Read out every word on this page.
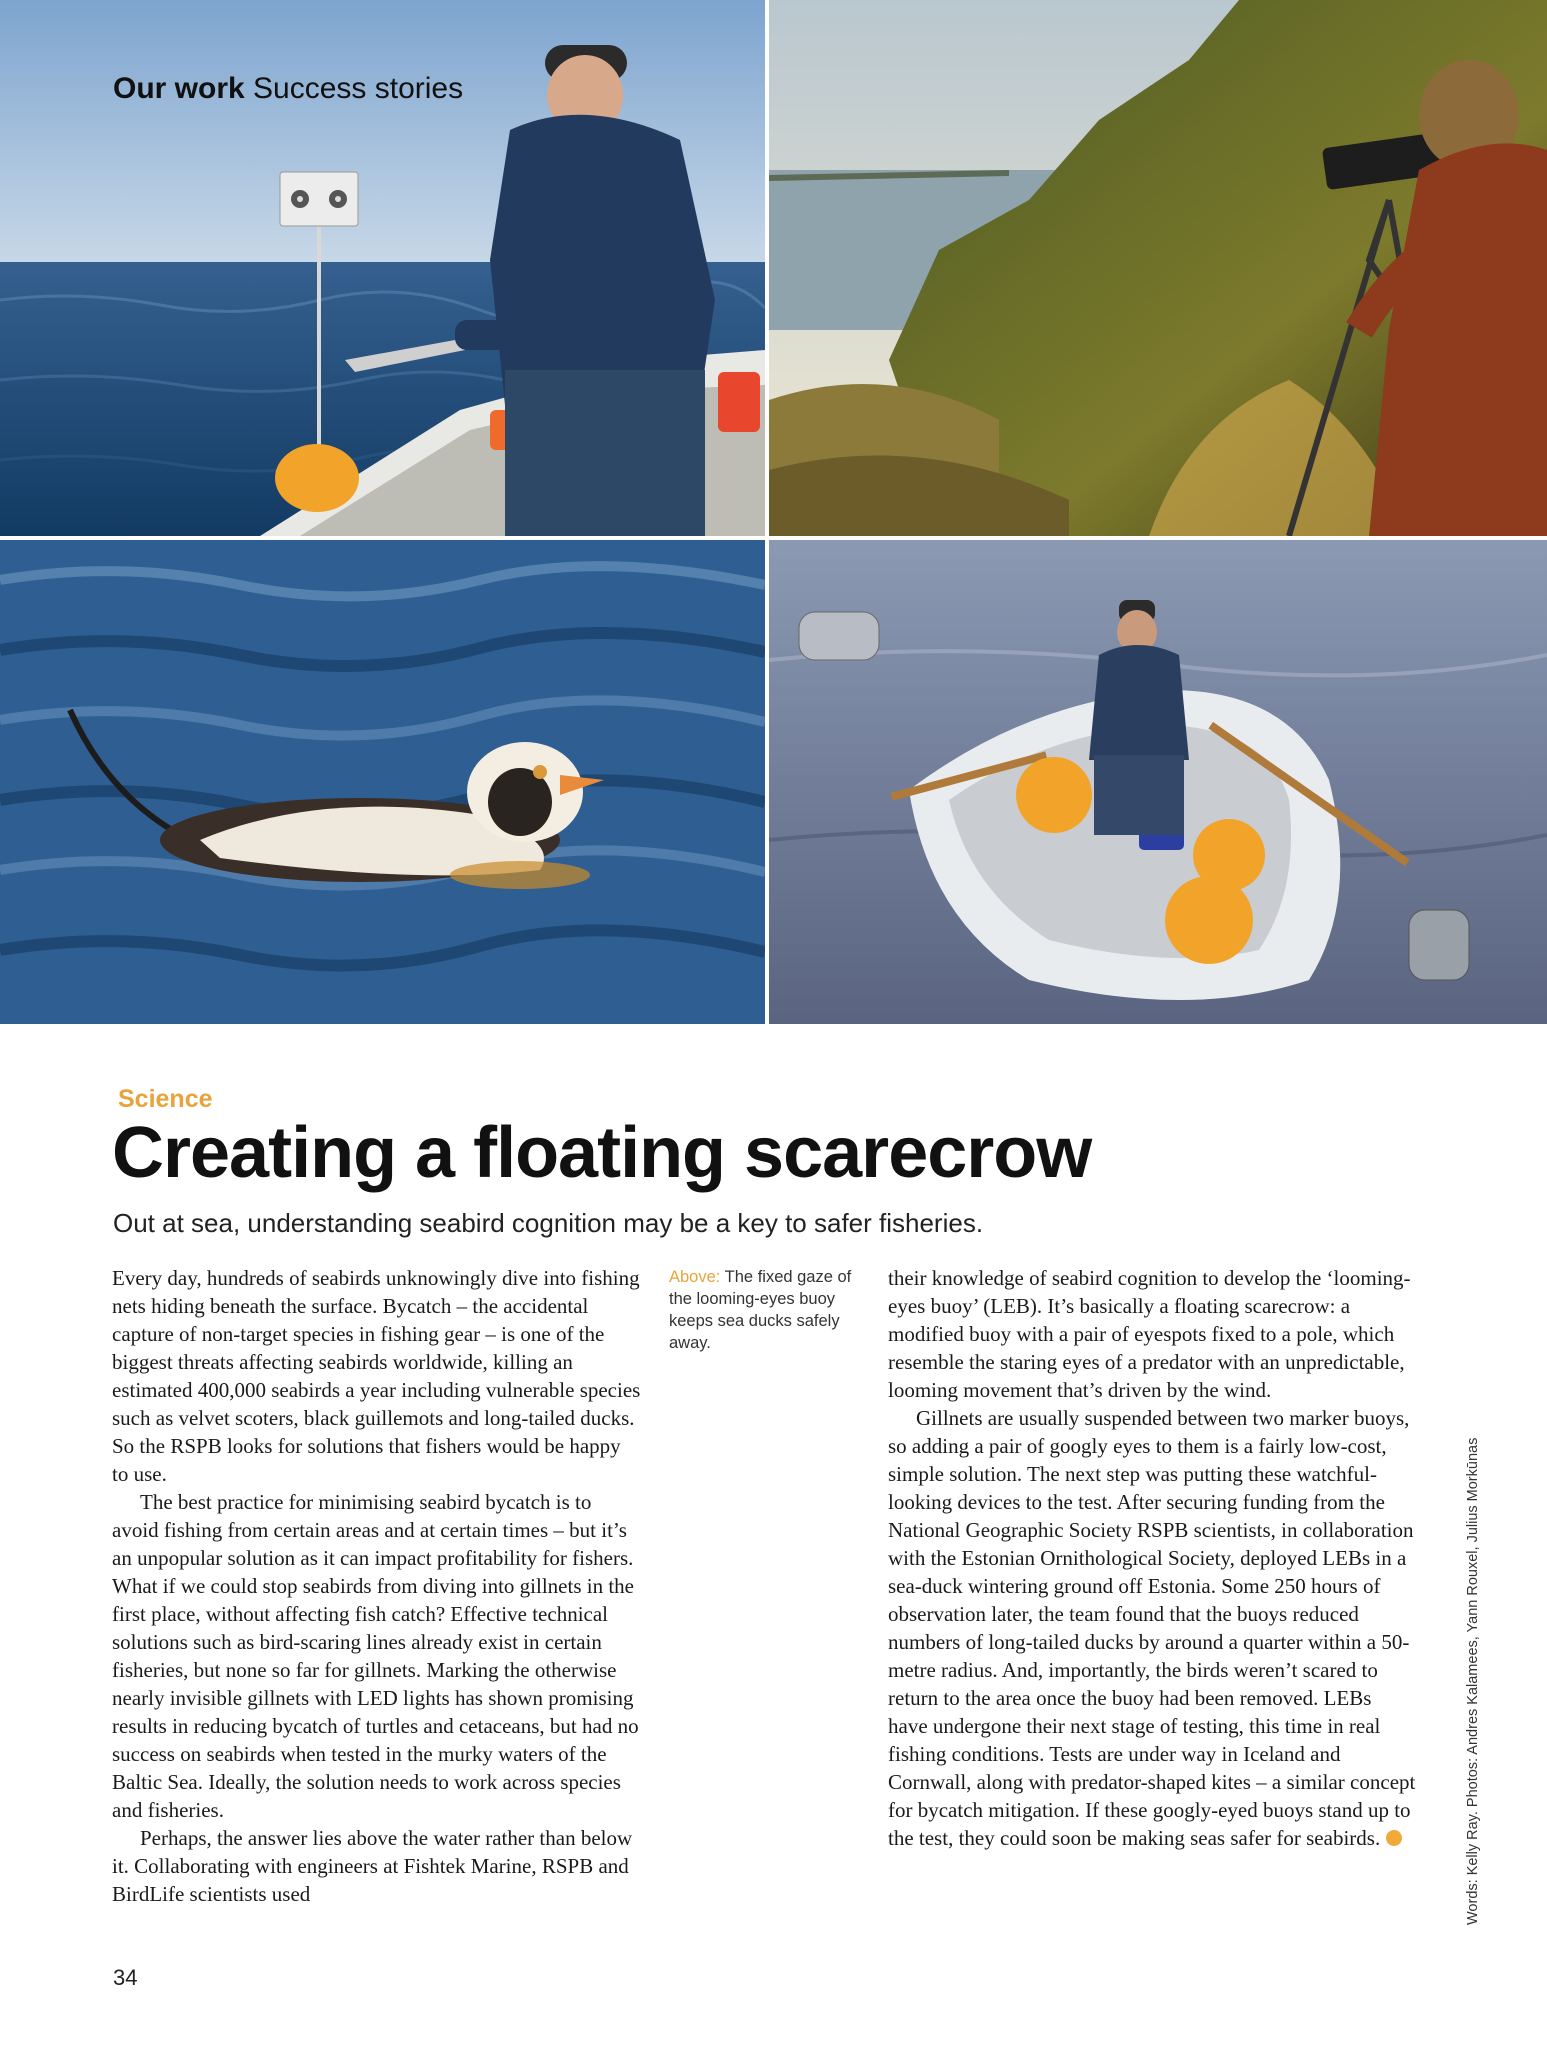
Our work Success stories

Science
Creating a floating scarecrow

Out at sea, understanding seabird cognition may be a key to safer fisheries.

Every day, hundreds of seabirds unknowingly dive into fishing nets hiding beneath the surface. Bycatch – the accidental capture of non-target species in fishing gear – is one of the biggest threats affecting seabirds worldwide, killing an estimated 400,000 seabirds a year including vulnerable species such as velvet scoters, black guillemots and long-tailed ducks. So the RSPB looks for solutions that fishers would be happy to use.

The best practice for minimising seabird bycatch is to avoid fishing from certain areas and at certain times – but it’s an unpopular solution as it can impact profitability for fishers. What if we could stop seabirds from diving into gillnets in the first place, without affecting fish catch? Effective technical solutions such as bird-scaring lines already exist in certain fisheries, but none so far for gillnets. Marking the otherwise nearly invisible gillnets with LED lights has shown promising results in reducing bycatch of turtles and cetaceans, but had no success on seabirds when tested in the murky waters of the Baltic Sea. Ideally, the solution needs to work across species and fisheries.

Perhaps, the answer lies above the water rather than below it. Collaborating with engineers at Fishtek Marine, RSPB and BirdLife scientists used

Above: The fixed gaze of the looming-eyes buoy keeps sea ducks safely away.

their knowledge of seabird cognition to develop the ‘looming-eyes buoy’ (LEB). It’s basically a floating scarecrow: a modified buoy with a pair of eyespots fixed to a pole, which resemble the staring eyes of a predator with an unpredictable, looming movement that’s driven by the wind.

Gillnets are usually suspended between two marker buoys, so adding a pair of googly eyes to them is a fairly low-cost, simple solution. The next step was putting these watchful-looking devices to the test. After securing funding from the National Geographic Society RSPB scientists, in collaboration with the Estonian Ornithological Society, deployed LEBs in a sea-duck wintering ground off Estonia. Some 250 hours of observation later, the team found that the buoys reduced numbers of long-tailed ducks by around a quarter within a 50-metre radius. And, importantly, the birds weren’t scared to return to the area once the buoy had been removed. LEBs have undergone their next stage of testing, this time in real fishing conditions. Tests are under way in Iceland and Cornwall, along with predator-shaped kites – a similar concept for bycatch mitigation. If these googly-eyed buoys stand up to the test, they could soon be making seas safer for seabirds.	Words: Kelly Ray. Photos: Andres Kalamees, Yann Rouxel, Julius Morkūnas
34
